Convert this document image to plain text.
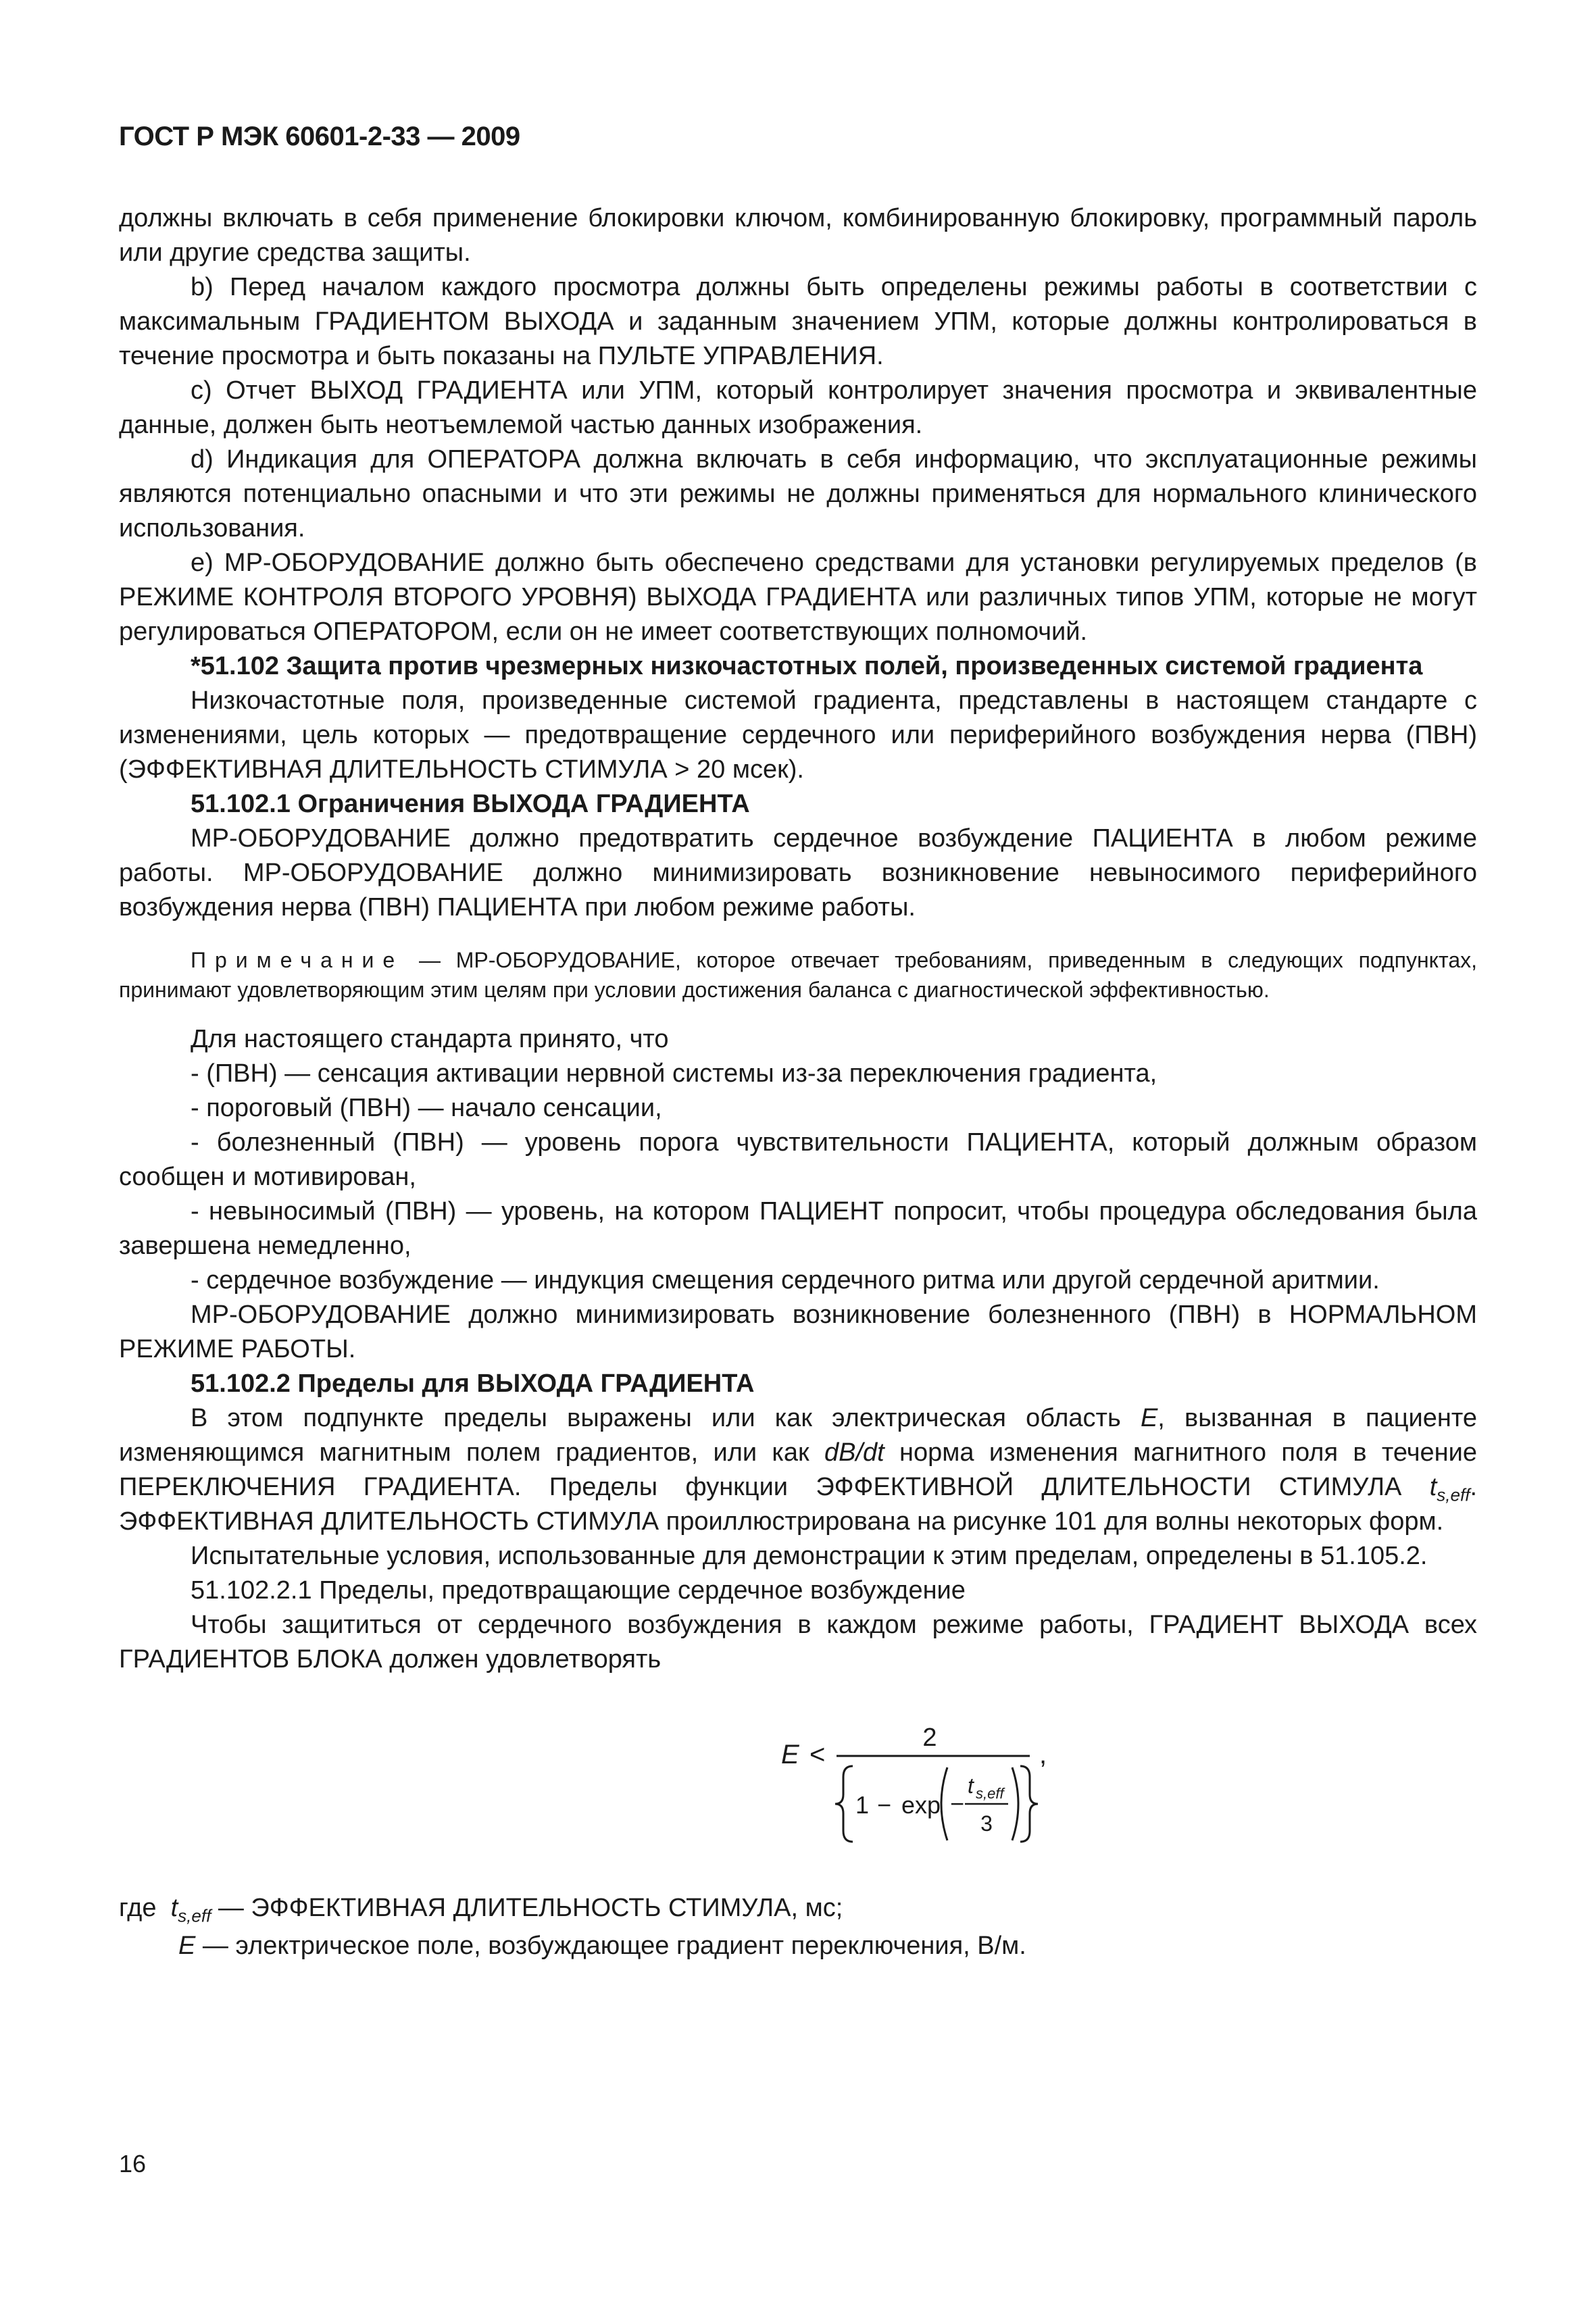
ГОСТ Р МЭК 60601-2-33 — 2009

должны включать в себя применение блокировки ключом, комбинированную блокировку, программный пароль или другие средства защиты.

b) Перед началом каждого просмотра должны быть определены режимы работы в соответствии с максимальным ГРАДИЕНТОМ ВЫХОДА и заданным значением УПМ, которые должны контролироваться в течение просмотра и быть показаны на ПУЛЬТЕ УПРАВЛЕНИЯ.

c) Отчет ВЫХОД ГРАДИЕНТА или УПМ, который контролирует значения просмотра и эквивалентные данные, должен быть неотъемлемой частью данных изображения.

d) Индикация для ОПЕРАТОРА должна включать в себя информацию, что эксплуатационные режимы являются потенциально опасными и что эти режимы не должны применяться для нормального клинического использования.

e) МР-ОБОРУДОВАНИЕ должно быть обеспечено средствами для установки регулируемых пределов (в РЕЖИМЕ КОНТРОЛЯ ВТОРОГО УРОВНЯ) ВЫХОДА ГРАДИЕНТА или различных типов УПМ, которые не могут регулироваться ОПЕРАТОРОМ, если он не имеет соответствующих полномочий.

*51.102 Защита против чрезмерных низкочастотных полей, произведенных системой градиента

Низкочастотные поля, произведенные системой градиента, представлены в настоящем стандарте с изменениями, цель которых — предотвращение сердечного или периферийного возбуждения нерва (ПВН) (ЭФФЕКТИВНАЯ ДЛИТЕЛЬНОСТЬ СТИМУЛА > 20 мсек).

51.102.1 Ограничения ВЫХОДА ГРАДИЕНТА

МР-ОБОРУДОВАНИЕ должно предотвратить сердечное возбуждение ПАЦИЕНТА в любом режиме работы. МР-ОБОРУДОВАНИЕ должно минимизировать возникновение невыносимого периферийного возбуждения нерва (ПВН) ПАЦИЕНТА при любом режиме работы.

Примечание — МР-ОБОРУДОВАНИЕ, которое отвечает требованиям, приведенным в следующих подпунктах, принимают удовлетворяющим этим целям при условии достижения баланса с диагностической эффективностью.

Для настоящего стандарта принято, что

- (ПВН) — сенсация активации нервной системы из-за переключения градиента,

- пороговый (ПВН) — начало сенсации,

- болезненный (ПВН) — уровень порога чувствительности ПАЦИЕНТА, который должным образом сообщен и мотивирован,

- невыносимый (ПВН) — уровень, на котором ПАЦИЕНТ попросит, чтобы процедура обследования была завершена немедленно,

- сердечное возбуждение — индукция смещения сердечного ритма или другой сердечной аритмии.

МР-ОБОРУДОВАНИЕ должно минимизировать возникновение болезненного (ПВН) в НОРМАЛЬНОМ РЕЖИМЕ РАБОТЫ.

51.102.2 Пределы для ВЫХОДА ГРАДИЕНТА

В этом подпункте пределы выражены или как электрическая область E, вызванная в пациенте изменяющимся магнитным полем градиентов, или как dB/dt норма изменения магнитного поля в течение ПЕРЕКЛЮЧЕНИЯ ГРАДИЕНТА. Пределы функции ЭФФЕКТИВНОЙ ДЛИТЕЛЬНОСТИ СТИМУЛА $t_{s,eff}$. ЭФФЕКТИВНАЯ ДЛИТЕЛЬНОСТЬ СТИМУЛА проиллюстрирована на рисунке 101 для волны некоторых форм.

Испытательные условия, использованные для демонстрации к этим пределам, определены в 51.105.2.

51.102.2.1 Пределы, предотвращающие сердечное возбуждение

Чтобы защититься от сердечного возбуждения в каждом режиме работы, ГРАДИЕНТ ВЫХОДА всех ГРАДИЕНТОВ БЛОКА должен удовлетворять

E <
2
1 − exp −
t s,eff
3
,
где $t_{s,eff}$ — ЭФФЕКТИВНАЯ ДЛИТЕЛЬНОСТЬ СТИМУЛА, мс;
E — электрическое поле, возбуждающее градиент переключения, В/м.
16
